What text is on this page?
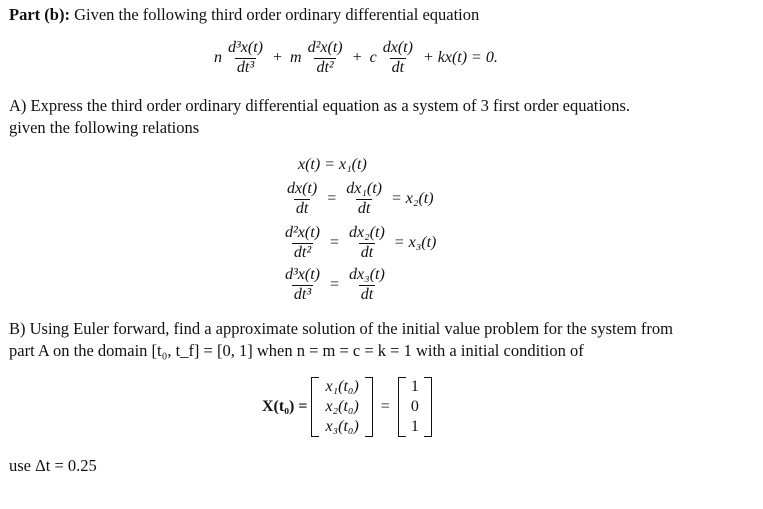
Part (b): Given the following third order ordinary differential equation
n $\frac{\text{d³x(t)}}{\text{dt³}} + m \frac{\text{d²x(t)}}{\text{dt²}} + c \frac{dx(t)}{dt} + kx(t) = 0$.
A) Express the third order ordinary differential equation as a system of 3 first order equations.
given the following relations
x(t) = x₁(t)
$\frac{dx(t)}{dt} = \frac{\text{dx₁(t)}}{dt} = x_2(t)$
$\frac{\text{d²x(t)}}{\text{dt²}} = \frac{\text{dx₂(t)}}{dt} = x_3(t)$
$\frac{\text{d³x(t)}}{\text{dt³}} = \frac{\text{dx₃(t)}}{dt}$
B) Using Euler forward, find a approximate solution of the initial value problem for the system from
part A on the domain [t₀, t_f] = [0, 1] when n = m = c = k = 1 with a initial condition of
X(t₀) =
x₁(t₀)
x₂(t₀)
x₃(t₀)
=
1
0
1
use Δt = 0.25
